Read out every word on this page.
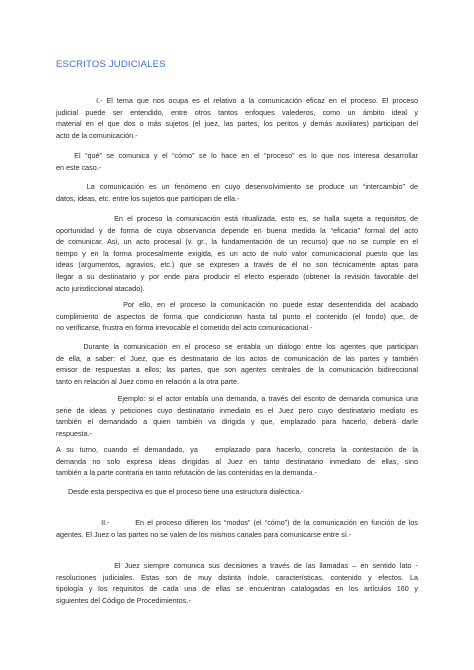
ESCRITOS JUDICIALES
I.- El tema que nos ocupa es el relativo a la comunicación eficaz en el proceso. El proceso
judicial puede ser entendido, entre otros tantos enfoques valederos, como un ámbito ideal y
material en el que dos o más sujetos (el juez, las partes, los peritos y demás auxiliares) participan del
acto de la comunicación.-
El “qué” se comunica y el “cómo” se lo hace en el “proceso” es lo que nos interesa desarrollar
en este caso.-
La comunicación es un fenómeno en cuyo desenvolvimiento se produce un “intercambio” de
datos, ideas, etc. entre los sujetos que participan de ella.-
En el proceso la comunicación está ritualizada, esto es, se halla sujeta a requisitos de
oportunidad y de forma de cuya observancia depende en buena medida la “eficacia” formal del acto
de comunicar. Así, un acto procesal (v. gr., la fundamentación de un recurso) que no se cumple en el
tiempo y en la forma procesalmente exigida, es un acto de nulo valor comunicacional puesto que las
ideas (argumentos, agravios, etc.) que se expresen a través de él no son técnicamente aptas para
llegar a su destinatario y por ende para producir el efecto esperado (obtener la revisión favorable del
acto jurisdiccional atacado).
Por ello, en el proceso la comunicación no puede estar desentendida del acabado
cumplimiento de aspectos de forma que condicionan hasta tal punto el contenido (el fondo) que, de
no verificarse, frustra en forma irrevocable el cometido del acto comunicacional.-
Durante la comunicación en el proceso se entabla un diálogo entre los agentes que participan
de ella, a saber: el Juez, que es destinatario de los actos de comunicación de las partes y también
emisor de respuestas a ellos; las partes, que son agentes centrales de la comunicación bidireccional
tanto en relación al Juez como en relación a la otra parte.
Ejemplo: si el actor entabla una demanda, a través del escrito de demanda comunica una
serie de ideas y peticiones cuyo destinatario inmediato es el Juez pero cuyo destinatario mediato es
también el demandado a quien también va dirigida y que, emplazado para hacerlo, deberá darle
respuesta.-
A su turno, cuando el demandado, ya   emplazado para hacerlo, concreta la contestación de la
demanda no solo expresa ideas dirigidas al Juez en tanto destinatario inmediato de ellas, sino
también a la parte contraria en tanto refutación de las contenidas en la demanda.-
Desde esta perspectiva es que el proceso tiene una estructura dialéctica.-
II.-        En el proceso difieren los “modos” (el “cómo”) de la comunicación en función de los
agentes. El Juez o las partes no se valen de los mismos canales para comunicarse entre sí.-
El Juez siempre comunica sus decisiones a través de las llamadas – en sentido lato -
resoluciones judiciales. Estas son de muy distinta índole, características, contenido y efectos. La
tipología y los requisitos de cada una de ellas se encuentran catalogadas en los artículos 160 y
siguientes del Código de Procedimientos.-
